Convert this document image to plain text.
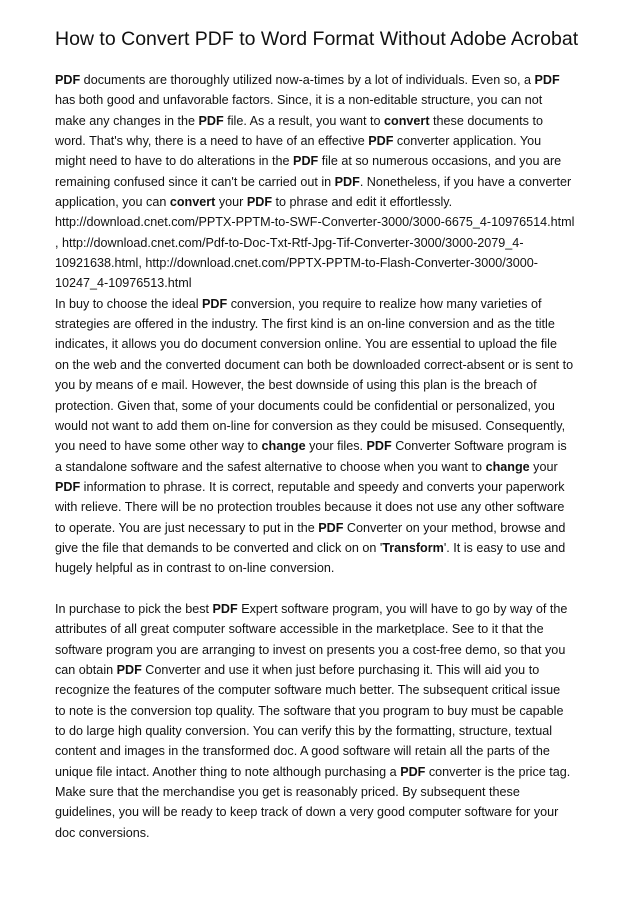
How to Convert PDF to Word Format Without Adobe Acrobat

PDF documents are thoroughly utilized now-a-times by a lot of individuals. Even so, a PDF
has both good and unfavorable factors. Since, it is a non-editable structure, you can not
make any changes in the PDF file. As a result, you want to convert these documents to
word. That's why, there is a need to have of an effective PDF converter application. You
might need to have to do alterations in the PDF file at so numerous occasions, and you are
remaining confused since it can't be carried out in PDF. Nonetheless, if you have a converter
application, you can convert your PDF to phrase and edit it effortlessly.
http://download.cnet.com/PPTX-PPTM-to-SWF-Converter-3000/3000-6675_4-10976514.html
, http://download.cnet.com/Pdf-to-Doc-Txt-Rtf-Jpg-Tif-Converter-3000/3000-2079_4-
10921638.html, http://download.cnet.com/PPTX-PPTM-to-Flash-Converter-3000/3000-
10247_4-10976513.html
In buy to choose the ideal PDF conversion, you require to realize how many varieties of
strategies are offered in the industry. The first kind is an on-line conversion and as the title
indicates, it allows you do document conversion online. You are essential to upload the file
on the web and the converted document can both be downloaded correct-absent or is sent to
you by means of e mail. However, the best downside of using this plan is the breach of
protection. Given that, some of your documents could be confidential or personalized, you
would not want to add them on-line for conversion as they could be misused. Consequently,
you need to have some other way to change your files. PDF Converter Software program is
a standalone software and the safest alternative to choose when you want to change your
PDF information to phrase. It is correct, reputable and speedy and converts your paperwork
with relieve. There will be no protection troubles because it does not use any other software
to operate. You are just necessary to put in the PDF Converter on your method, browse and
give the file that demands to be converted and click on on 'Transform'. It is easy to use and
hugely helpful as in contrast to on-line conversion.

In purchase to pick the best PDF Expert software program, you will have to go by way of the
attributes of all great computer software accessible in the marketplace. See to it that the
software program you are arranging to invest on presents you a cost-free demo, so that you
can obtain PDF Converter and use it when just before purchasing it. This will aid you to
recognize the features of the computer software much better. The subsequent critical issue
to note is the conversion top quality. The software that you program to buy must be capable
to do large high quality conversion. You can verify this by the formatting, structure, textual
content and images in the transformed doc. A good software will retain all the parts of the
unique file intact. Another thing to note although purchasing a PDF converter is the price tag.
Make sure that the merchandise you get is reasonably priced. By subsequent these
guidelines, you will be ready to keep track of down a very good computer software for your
doc conversions.
